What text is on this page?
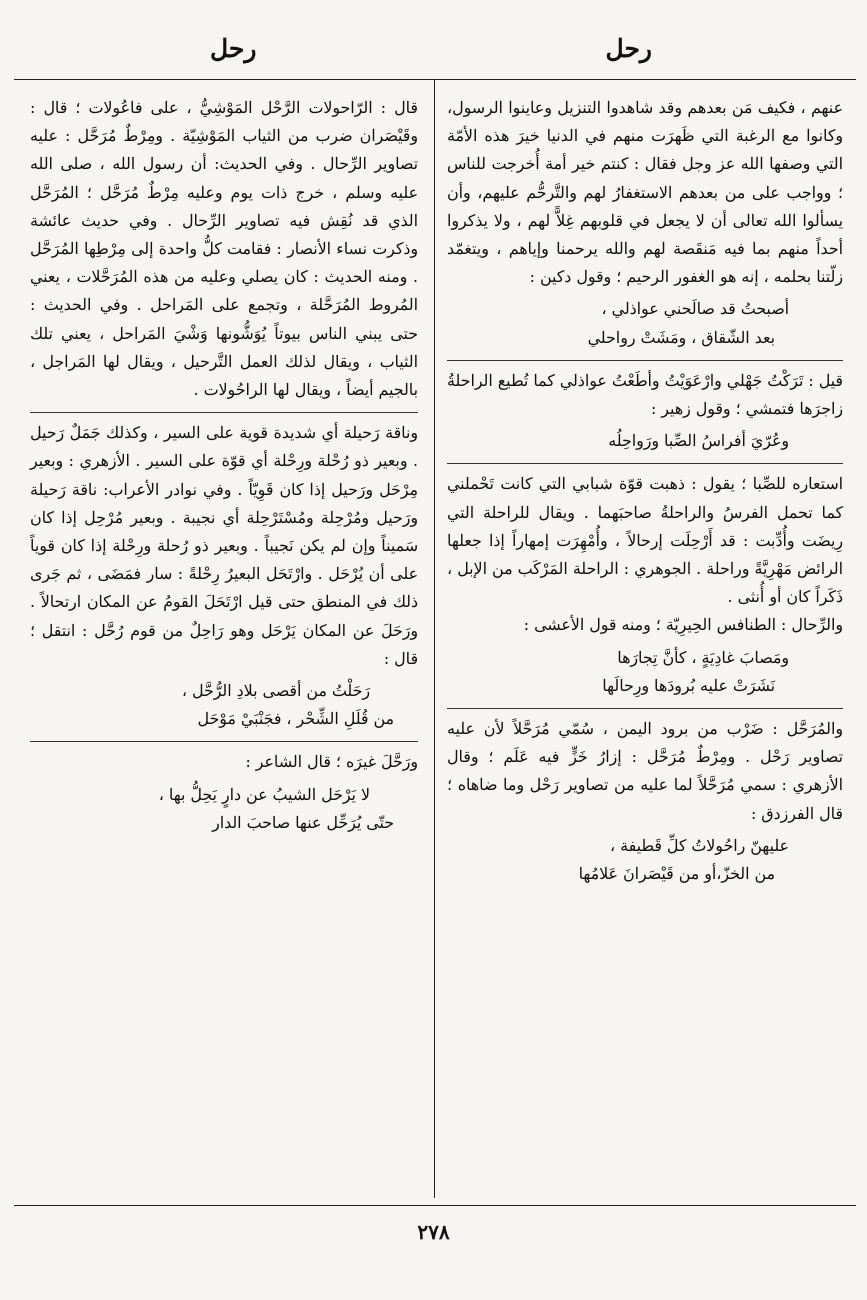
رحل
رحل

عنهم ، فكيف مَن بعدهم وقد شاهدوا التنزيل وعاينوا الرسول، وكانوا مع الرغبة التي ظَهرَت منهم في الدنيا خيرَ هذه الأمّة التي وصفها الله عز وجل فقال : كنتم خير أمة أُخرجت للناس ؛ وواجب على من بعدهم الاستغفارُ لهم والتَّرحُّم عليهم، وأن يسألوا الله تعالى أن لا يجعل في قلوبهم غِلاًّ لهم ، ولا يذكروا أحداً منهم بما فيه مَنقَصة لهم والله يرحمنا وإياهم ، ويتغمّد زلّتنا بحلمه ، إنه هو الغفور الرحيم ؛ وقول دكين :

أصبحتُ قد صالَحني عواذلي ،
بعد الشّقاق ، ومَشَتْ رواحلي

قيل : تَرَكْتُ جَهْلي وارْعَوَيْتُ وأطَعْتُ عواذلي كما تُطيع الراحلةُ زاجرَها فتمشي ؛ وقول زهير :

وعُرّيَ أفراسُ الصِّبا ورَواحِلُه

استعاره للصِّبا ؛ يقول : ذهبت قوّة شبابي التي كانت تَحْملني كما تحمل الفرسُ والراحلةُ صاحبَهما . ويقال للراحلة التي رِيضَت وأُدِّبت : قد أَرْحِلَت إرحالاً ، وأُمْهِرَت إمهاراً إذا جعلها الرائض مَهْرِيَّةً وراحلة . الجوهري : الراحلة المَرْكَب من الإبل ، ذَكَراً كان أو أُنثى .

والرِّحال : الطنافس الحِيرِيّة ؛ ومنه قول الأعشى :

ومَصابَ غادِيَةٍ ، كأنَّ تِجارَها
نَشَرَتْ عليه بُرودَها ورِحالَها

والمُرَحَّل : ضَرْب من برود اليمن ، سُمّي مُرَحَّلاً لأن عليه تصاوير رَحْل . ومِرْطٌ مُرَحَّل : إزارُ خَزٍّ فيه عَلَم ؛ وقال الأزهري : سمي مُرَحَّلاً لما عليه من تصاوير رَحْل وما ضاهاه ؛ قال الفرزدق :

عليهنّ راحُولاتُ كلِّ قَطيفة ،
من الخزّ،أو من قَيْصَرانَ عَلامُها

قال : الرّاحولات الرَّحْل المَوْشِيُّ ، على فاعُولات ؛ قال : وقَيْصَران ضرب من الثياب المَوْشِيّة . ومِرْطٌ مُرَحَّل : عليه تصاوير الرِّحال . وفي الحديث: أن رسول الله ، صلى الله عليه وسلم ، خرج ذات يوم وعليه مِرْطٌ مُرَحَّل ؛ المُرَحَّل الذي قد نُقِش فيه تصاوير الرِّحال . وفي حديث عائشة وذكرت نساء الأنصار : فقامت كلُّ واحدة إلى مِرْطِها المُرَحَّل . ومنه الحديث : كان يصلي وعليه من هذه المُرَحَّلات ، يعني المُروط المُرَحَّلة ، وتجمع على المَراحل . وفي الحديث : حتى يبني الناس بيوتاً يُوَشُّونها وَشْيَ المَراحل ، يعني تلك الثياب ، ويقال لذلك العمل التَّرحيل ، ويقال لها المَراجل ، بالجيم أيضاً ، ويقال لها الراحُولات .

وناقة رَحيلة أي شديدة قوية على السير ، وكذلك جَمَلٌ رَحيل . وبعير ذو رُحْلة ورِحْلة أي قوّة على السير . الأزهري : وبعير مِرْحَل ورَحيل إذا كان قَوِيّاً . وفي نوادر الأعراب: ناقة رَحيلة ورَحيل ومُرْحِلة ومُسْتَرْحِلة أي نجيبة . وبعير مُرْحِل إذا كان سَميناً وإن لم يكن نَجيباً . وبعير ذو رُحلة ورِحْلة إذا كان قوياً على أن يُرْحَل . وارْتَحَل البعيرُ رِحْلةً : سار فمَضَى ، ثم جَرى ذلك في المنطق حتى قيل ارْتَحَلَ القومُ عن المكان ارتحالاً . ورَحَلَ عن المكان يَرْحَل وهو رَاحِلٌ من قوم رُحَّل : انتقل ؛ قال :

رَحَلْتُ من أقصى بلادِ الرُّحَّل ،
من قُلَلِ الشِّحْر ، فجَنْبَيْ مَوْحَل

ورَحَّلَ غيرَه ؛ قال الشاعر :

لا يَرْحَل الشيبُ عن دارٍ يَحِلُّ بها ،
حتّى يُرَحِّل عنها صاحبَ الدار
٢٧٨
